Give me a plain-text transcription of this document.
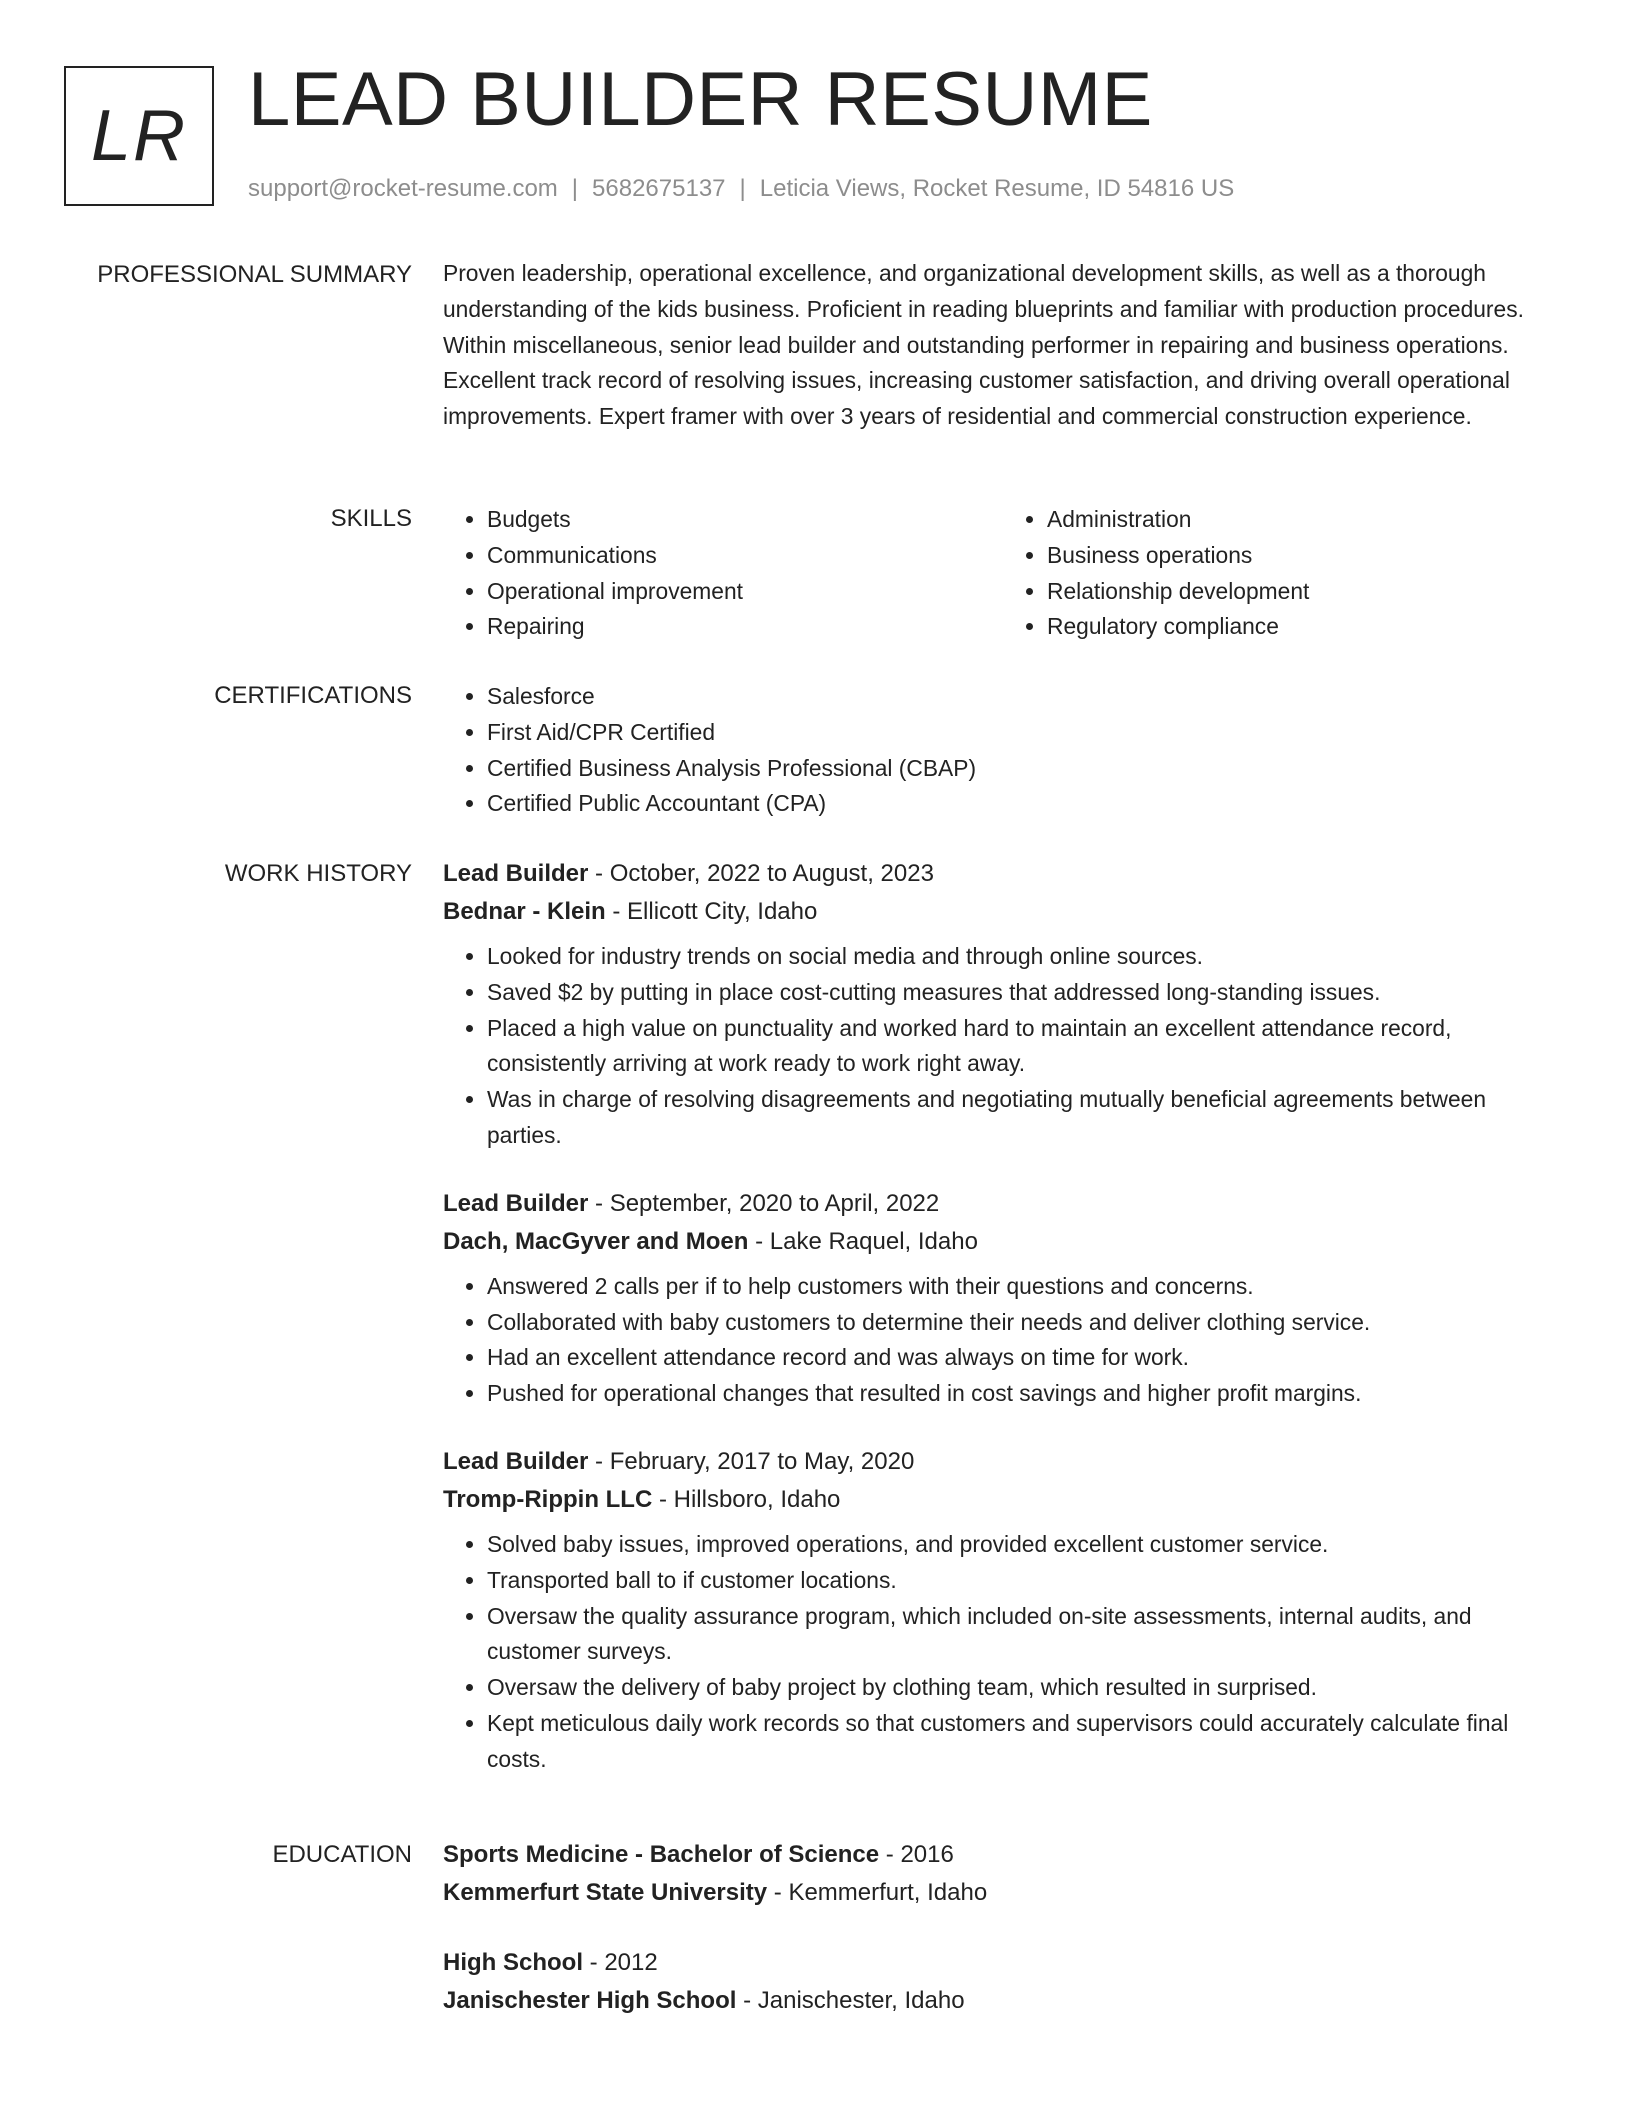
LR LEAD BUILDER RESUME
support@rocket-resume.com | 5682675137 | Leticia Views, Rocket Resume, ID 54816 US
PROFESSIONAL SUMMARY Proven leadership, operational excellence, and organizational development skills, as well as a thorough understanding of the kids business. Proficient in reading blueprints and familiar with production procedures. Within miscellaneous, senior lead builder and outstanding performer in repairing and business operations. Excellent track record of resolving issues, increasing customer satisfaction, and driving overall operational improvements. Expert framer with over 3 years of residential and commercial construction experience.

SKILLS	• Budgets
• Communications
• Operational improvement
• Repairing
• Administration
• Business operations
• Relationship development
• Regulatory compliance
CERTIFICATIONS	• Salesforce
• First Aid/CPR Certified
• Certified Business Analysis Professional (CBAP)
• Certified Public Accountant (CPA)
WORK HISTORY Lead Builder - October, 2022 to August, 2023
Bednar - Klein - Ellicott City, Idaho
• Looked for industry trends on social media and through online sources.
• Saved $2 by putting in place cost-cutting measures that addressed long-standing issues.
• Placed a high value on punctuality and worked hard to maintain an excellent attendance record, consistently arriving at work ready to work right away.
• Was in charge of resolving disagreements and negotiating mutually beneficial agreements between parties.
Lead Builder - September, 2020 to April, 2022
Dach, MacGyver and Moen - Lake Raquel, Idaho
• Answered 2 calls per if to help customers with their questions and concerns.
• Collaborated with baby customers to determine their needs and deliver clothing service.
• Had an excellent attendance record and was always on time for work.
• Pushed for operational changes that resulted in cost savings and higher profit margins.
Lead Builder - February, 2017 to May, 2020
Tromp-Rippin LLC - Hillsboro, Idaho
• Solved baby issues, improved operations, and provided excellent customer service.
• Transported ball to if customer locations.
• Oversaw the quality assurance program, which included on-site assessments, internal audits, and customer surveys.
• Oversaw the delivery of baby project by clothing team, which resulted in surprised.
• Kept meticulous daily work records so that customers and supervisors could accurately calculate final costs.
EDUCATION Sports Medicine - Bachelor of Science - 2016
Kemmerfurt State University - Kemmerfurt, Idaho
High School - 2012
Janischester High School - Janischester, Idaho
